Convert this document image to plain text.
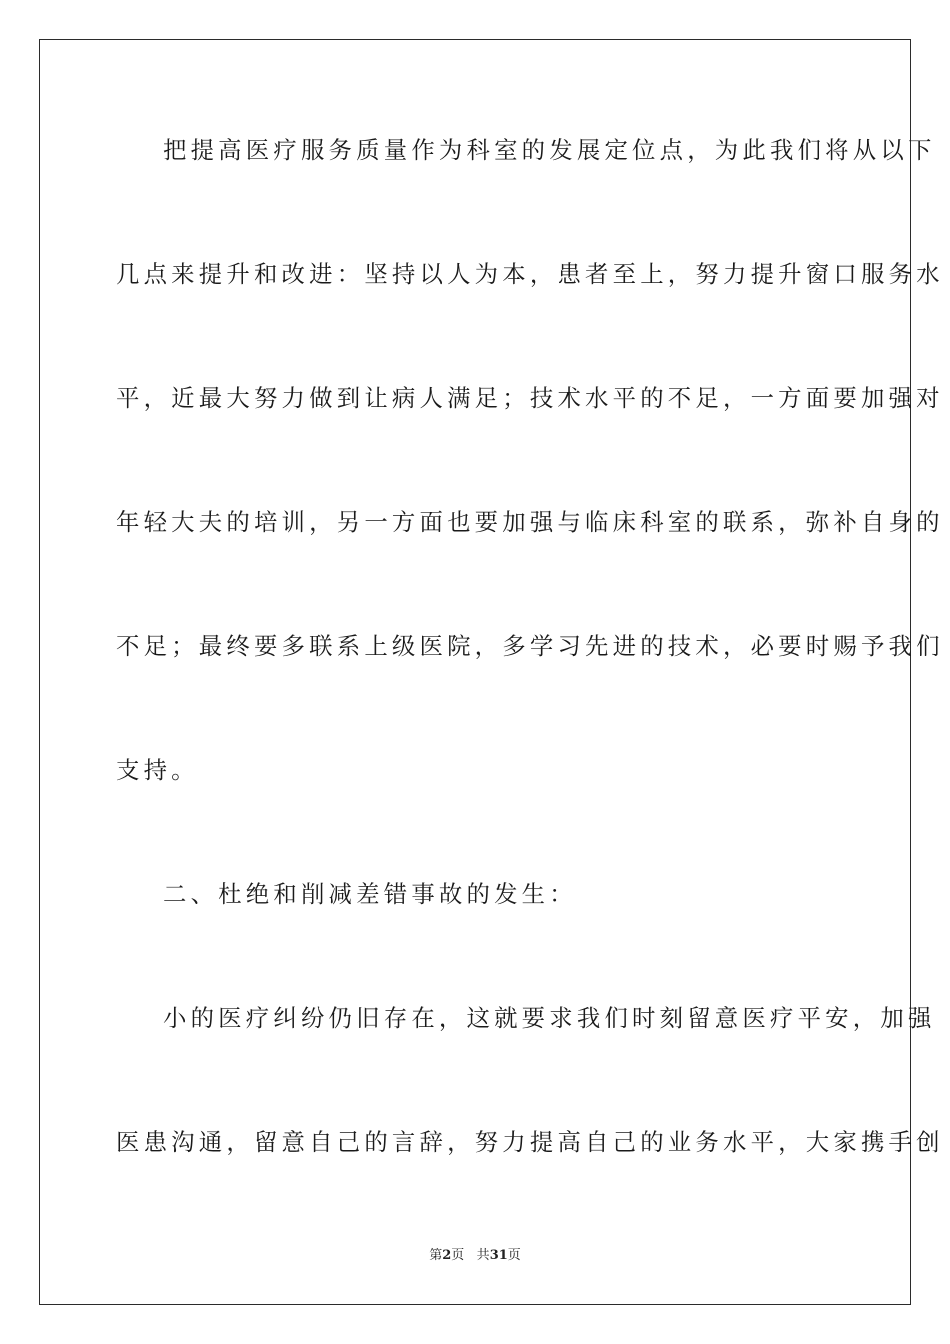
把提高医疗服务质量作为科室的发展定位点，为此我们将从以下
几点来提升和改进：坚持以人为本，患者至上，努力提升窗口服务水
平，近最大努力做到让病人满足；技术水平的不足，一方面要加强对
年轻大夫的培训，另一方面也要加强与临床科室的联系，弥补自身的
不足；最终要多联系上级医院，多学习先进的技术，必要时赐予我们
支持。
二、杜绝和削减差错事故的发生：
小的医疗纠纷仍旧存在，这就要求我们时刻留意医疗平安，加强
医患沟通，留意自己的言辞，努力提高自己的业务水平，大家携手创
第2页 共31页
